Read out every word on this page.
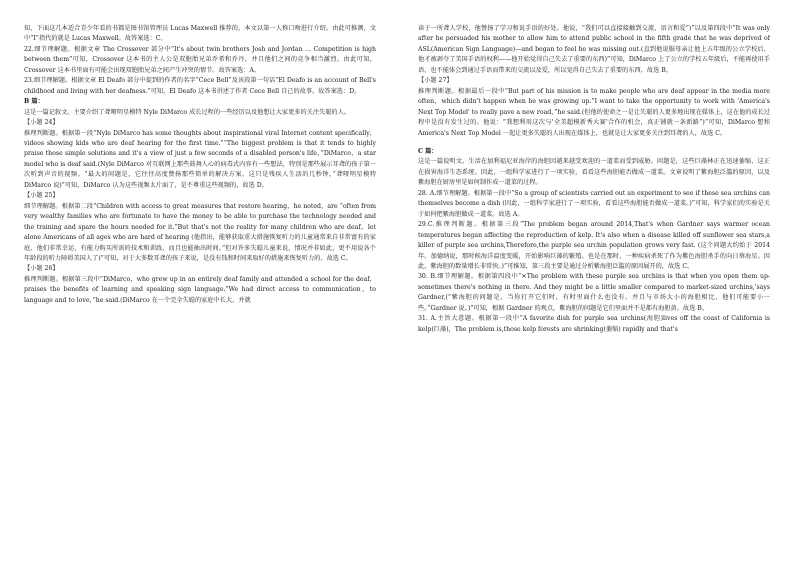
知，下面这几本适合青少年看的书都是图书馆管理员 Lucas Maxwell 推荐的，本文以第一人称口吻进行介绍。由此可推测，文中“I”指代的就是 Lucas Maxwell。故答案选：C。

22.细节理解题。根据文章 The Crossover 部分中“It's about twin brothers Josh and Jordan … Competition is high between them”可知，Crossover 这本书的主人公是双胞胎兄弟乔希和乔丹，并且他们之间的竞争相当激烈。由此可知，Crossover 这本书里面有可能会出现双胞胎兄弟之间产生冲突的情节。故答案选：A。

23.细节理解题。根据文章 El Deafo 部分中提到的作者的名字“Cece Bell”及该段第一句话“El Deafo is an account of Bell's childhood and living with her deafness.”可知，El Deafo 这本书讲述了作者 Cece Bell 自己的故事。故答案选：D。

B 篇：

这是一篇记叙文。主要介绍了聋哑明星模特 Nyle DiMarco 成长过程的一些经历以及他想让大家更多的关注失聪的人。

【小题 24】

推理判断题。根据第一段“Nyle DiMarco has some thoughts about inspirational viral Internet content specifically，videos showing kids who are deaf hearing for the first time.”“The biggest problem is that it tends to highly praise those simple solutions and it's a view of just a few seconds of a disabled person's life，”DiMarco，a star model who is deaf said.(Nyle DiMarco 对互联网上那些鼓舞人心的病毒式内容有一些想法，特别是那些展示耳聋的孩子第一次听到声音的视频。“最大的问题是，它往往高度赞扬那些简单的解决方案，这只是残疾人生活的几秒钟，”聋哑明星模特 DiMarco 说)”可知，DiMarco 认为这些视频太片面了，是不尊重这些视频的，故选 D。

【小题 25】

细节理解题。根据第二段“Children with access to great measures that restore hearing，he noted，are “often from very wealthy families who are fortunate to have the money to be able to purchase the technology needed and the training and spare the hours needed for it.”But that's not the reality for many children who are deaf，let alone Americans of all ages who are hard of hearing (他指出，能够获取重大措施恢复听力的儿童通常来自非常富有的家庭，他们非常幸运，有能力购买所需的技术和训练，而且也能抽出时间。”但对许多失聪儿童来说，情况并非如此，更不用说各个年龄段的听力障碍美国人了)”可知，对于大多数耳聋的孩子来说，是没有钱和时间来取好的措施来恢复听力的，故选 C。

【小题 26】

推理判断题。根据第三段中“DiMarco，who grew up in an entirely deaf family and attended a school for the deaf，praises the benefits of learning and speaking sign language.”We had direct access to communication，to language and to love，”he said.(DiMarco 在一个完全失聪的家庭中长大，并就

读于一所聋人学校，他赞扬了学习和说手语的好处。他说，“我们可以直接接触到交流、语言和爱”)”以及第四段中“It was only after he persuaded his mother to allow him to attend public school in the fifth grade that he was deprived of ASL(American Sign Language)—and began to feel he was missing out.(直到他说服母亲让他上五年级的公立学校后，他才被剥夺了美国手语的权利——他开始觉得自己失去了重要的东西)”可知，DiMarco 上了公立的学校五年级后，不能再使用手语，也不能体会到通过手语而带来的交流以及爱，所以觉得自己失去了重要的东西，故选 B。

【小题 27】

推理判断题。根据最后一段中“But part of his mission is to make people who are deaf appear in the media more often，which didn't happen when he was growing up.”I want to take the opportunity to work with 'America's Next Top Model' to really pave a new road，”he said.(但他的使命之一是让失聪的人更多地出现在媒体上，这在他的成长过程中是没有发生过的。他说：“我想利用这次与'全美超模新秀大赛'合作的机会，真正铺就一条新路”)”可知，DiMarco 想和 America's Next Top Model 一起让更多失聪的人出现在媒体上，也就是让大家更多关注到耳聋的人，故选 C。

C 篇：

这是一篇说明文。生活在加利福尼亚海岸的海胆因越来越受欢迎的一道菜而受到威胁。问题是，这些巨藻林正在迅速萎缩，这正在损害海洋生态系统。因此，一组科学家进行了一项实验，看看这些海胆能否做成一道菜。文章说明了紫海胆泛滥的原因，以及紫海胆在厨房里是如何制作成一道菜的过程。

28. A.细节理解题。根据第一段中“So a group of scientists carried out an experiment to see if these sea urchins can themselves become a dish (因此，一组科学家进行了一项实验，看看这些海胆能否做成一道菜。)”可知，科学家们的实验是关于如何把紫海胆做成一道菜。故选 A。

29.C.推理判断题。根据第三段“The problem began around 2014,That's when Gardner says warmer ocean temperatures began affecting the reproduction of kelp. It's also when a disease killed off sunflower sea stars,a killer of purple sea urchins,Therefore,the purple sea urchin population grows very fast. (这个问题大约始于 2014 年。加德纳说，那时候海洋温度变暖，开始影响巨藻的繁殖。也是在那时，一种疾病杀死了作为紫色海胆杀手的向日葵海星。因此，紫海胆的数量增长非常快。)”可推知，第三段主要是通过分析紫海胆泛滥的原因展开的，故选 C。

30. B.细节理解题。根据第四段中“✕The problem with these purple sea urchins is that when you open them up-sometimes there's nothing in there. And they might be a little smaller compared to market-sized urchins,'says Gardner,(“紫海胆的问题是，当你打开它们时，有时里面什么也没有。并且与市场大小的海胆相比，他们可能要小一些。”Gardner 说。)”可知，根据 Gardner 的观点，紫海胆的问题是它们里面并不是都有海胆黄。故选 B。

31. A.主旨大意题。根据第一段中“A favorite dish for purple sea urchins(海胆)lives off the coast of California is kelp(巨藻)，The problem is,those kelp forests are shrinking(萎缩) rapidly and that's
